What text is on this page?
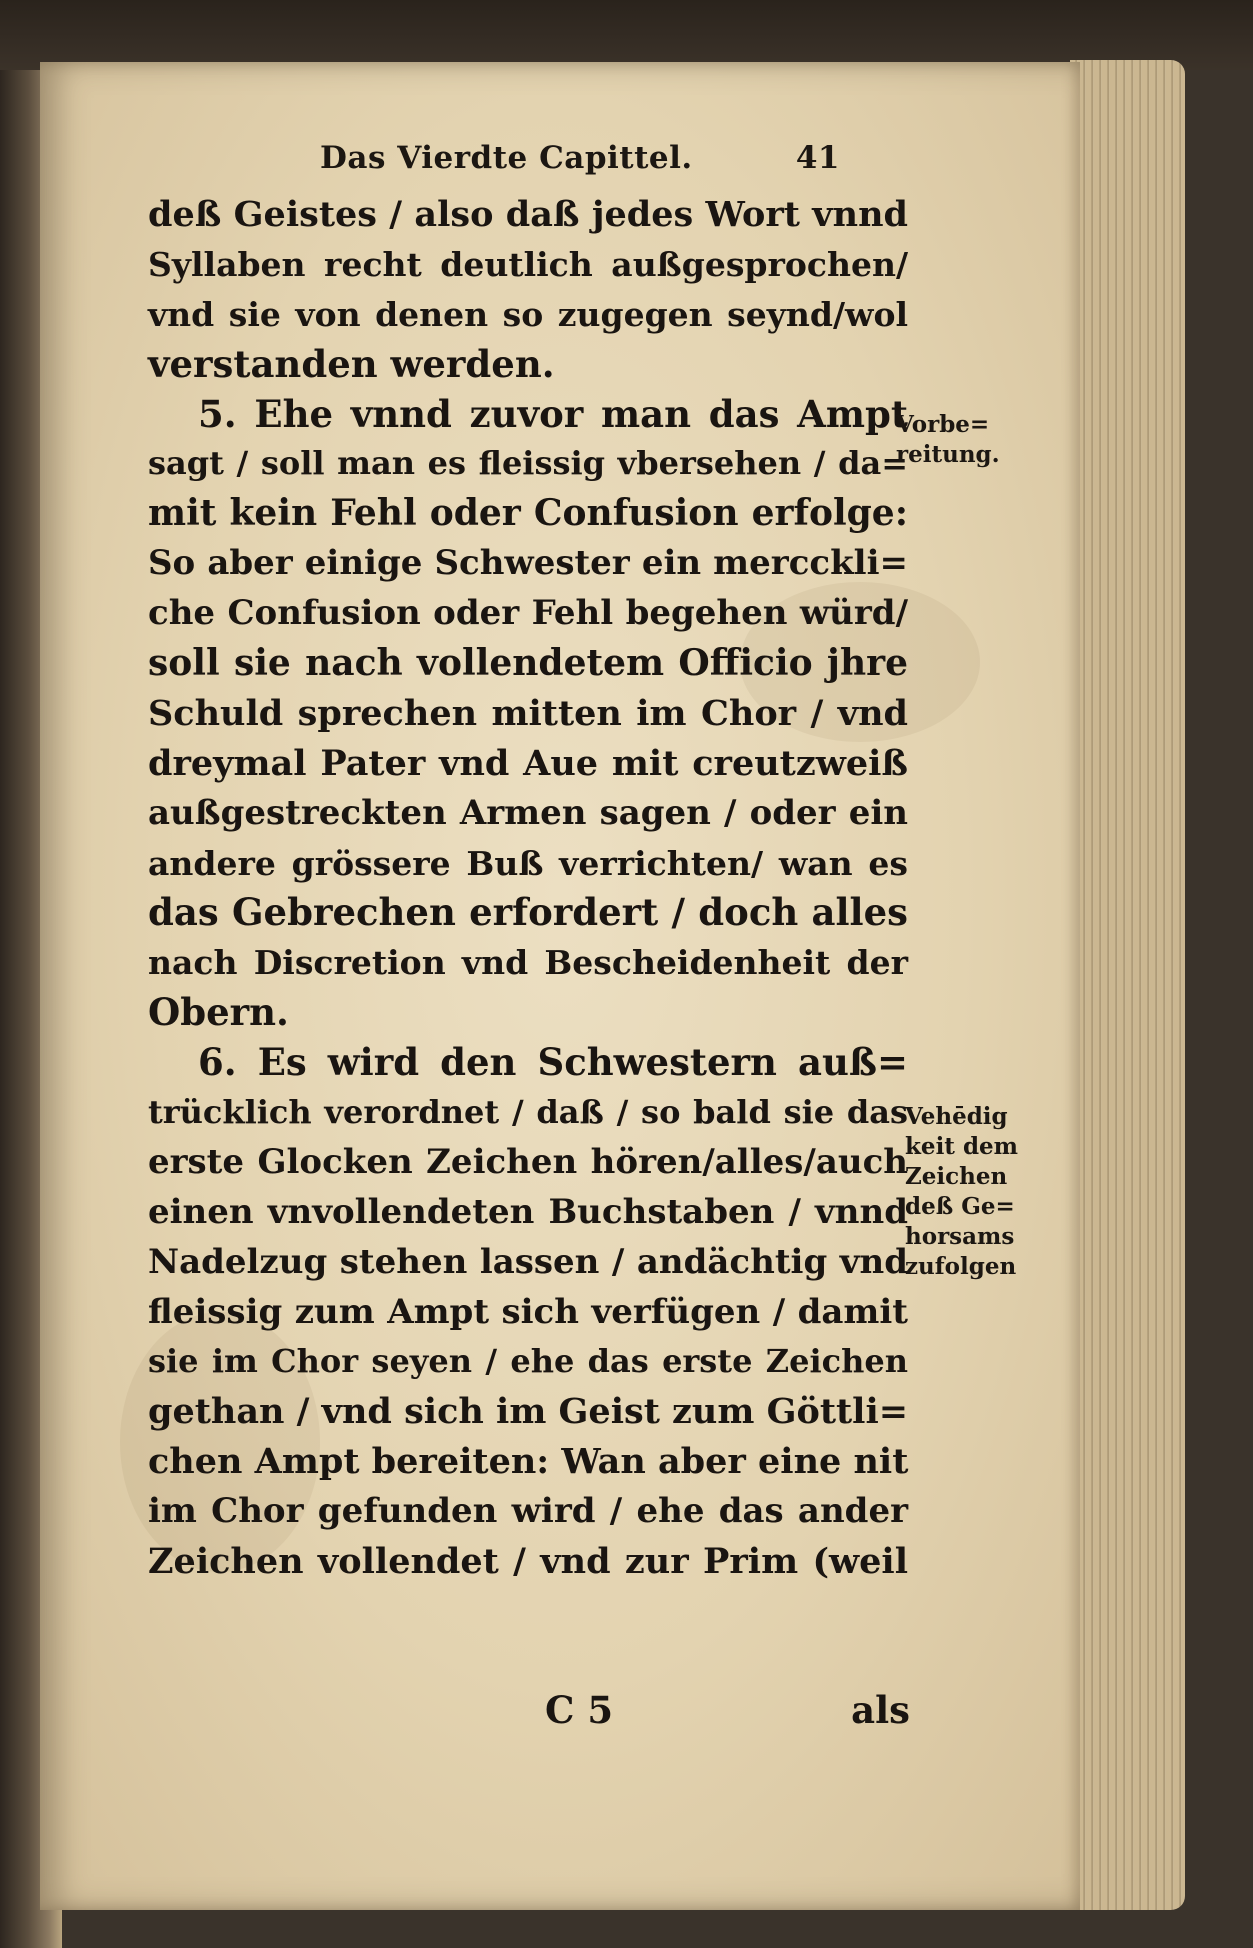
Das Vierdte Capittel.	41
deß Geistes / also daß jedes Wort vnnd
Syllaben recht deutlich außgesprochen/
vnd sie von denen so zugegen seynd/wol
verstanden werden.
5. Ehe vnnd zuvor man das Ampt
sagt / soll man es fleissig vbersehen / da=
mit kein Fehl oder Confusion erfolge:
So aber einige Schwester ein mercckli=
che Confusion oder Fehl begehen würd/
soll sie nach vollendetem Officio jhre
Schuld sprechen mitten im Chor / vnd
dreymal Pater vnd Aue mit creutzweiß
außgestreckten Armen sagen / oder ein
andere grössere Buß verrichten/ wan es
das Gebrechen erfordert / doch alles
nach Discretion vnd Bescheidenheit der
Obern.
6. Es wird den Schwestern auß=
trücklich verordnet / daß / so bald sie das
erste Glocken Zeichen hören/alles/auch
einen vnvollendeten Buchstaben / vnnd
Nadelzug stehen lassen / andächtig vnd
fleissig zum Ampt sich verfügen / damit
sie im Chor seyen / ehe das erste Zeichen
gethan / vnd sich im Geist zum Göttli=
chen Ampt bereiten: Wan aber eine nit
im Chor gefunden wird / ehe das ander
Zeichen vollendet / vnd zur Prim (weil
Vorbe=
reitung.
Vehēdig
keit dem
Zeichen
deß Ge=
horsams
zufolgen
C 5	als
